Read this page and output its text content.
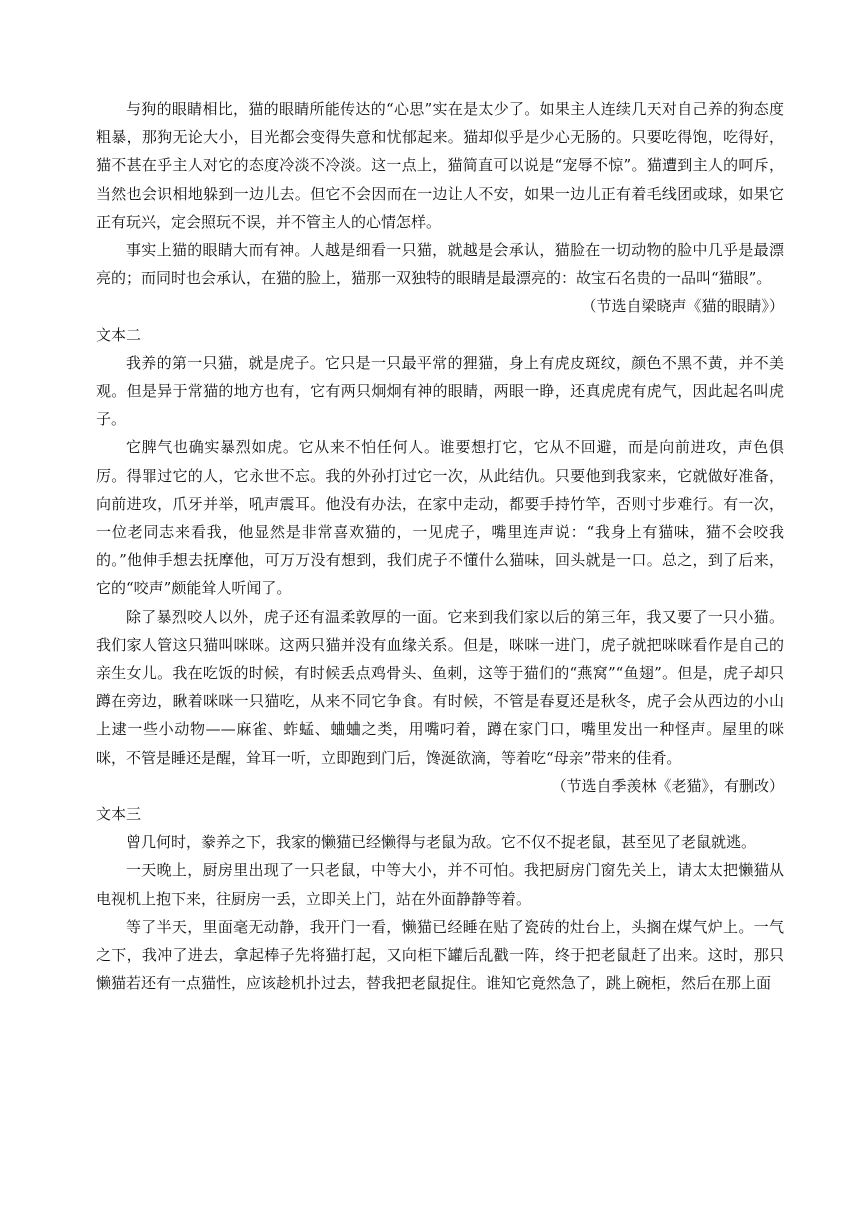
与狗的眼睛相比，猫的眼睛所能传达的“心思”实在是太少了。如果主人连续几天对自己养的狗态度粗暴，那狗无论大小，目光都会变得失意和忧郁起来。猫却似乎是少心无肠的。只要吃得饱，吃得好，猫不甚在乎主人对它的态度冷淡不冷淡。这一点上，猫简直可以说是“宠辱不惊”。猫遭到主人的呵斥，当然也会识相地躲到一边儿去。但它不会因而在一边让人不安，如果一边儿正有着毛线团或球，如果它正有玩兴，定会照玩不误，并不管主人的心情怎样。

事实上猫的眼睛大而有神。人越是细看一只猫，就越是会承认，猫脸在一切动物的脸中几乎是最漂亮的；而同时也会承认，在猫的脸上，猫那一双独特的眼睛是最漂亮的：故宝石名贵的一品叫“猫眼”。

（节选自梁晓声《猫的眼睛》）

文本二

我养的第一只猫，就是虎子。它只是一只最平常的狸猫，身上有虎皮斑纹，颜色不黑不黄，并不美观。但是异于常猫的地方也有，它有两只炯炯有神的眼睛，两眼一睁，还真虎虎有虎气，因此起名叫虎子。

它脾气也确实暴烈如虎。它从来不怕任何人。谁要想打它，它从不回避，而是向前进攻，声色俱厉。得罪过它的人，它永世不忘。我的外孙打过它一次，从此结仇。只要他到我家来，它就做好准备，向前进攻，爪牙并举，吼声震耳。他没有办法，在家中走动，都要手持竹竿，否则寸步难行。有一次，一位老同志来看我，他显然是非常喜欢猫的，一见虎子，嘴里连声说：“我身上有猫味，猫不会咬我的。”他伸手想去抚摩他，可万万没有想到，我们虎子不懂什么猫味，回头就是一口。总之，到了后来，它的“咬声”颇能耸人听闻了。

除了暴烈咬人以外，虎子还有温柔敦厚的一面。它来到我们家以后的第三年，我又要了一只小猫。我们家人管这只猫叫咪咪。这两只猫并没有血缘关系。但是，咪咪一进门，虎子就把咪咪看作是自己的亲生女儿。我在吃饭的时候，有时候丢点鸡骨头、鱼刺，这等于猫们的“燕窝”“鱼翅”。但是，虎子却只蹲在旁边，瞅着咪咪一只猫吃，从来不同它争食。有时候，不管是春夏还是秋冬，虎子会从西边的小山上逮一些小动物——麻雀、蚱蜢、蛐蛐之类，用嘴叼着，蹲在家门口，嘴里发出一种怪声。屋里的咪咪，不管是睡还是醒，耸耳一听，立即跑到门后，馋涎欲滴，等着吃“母亲”带来的佳肴。

（节选自季羡林《老猫》，有删改）

文本三

曾几何时，豢养之下，我家的懒猫已经懒得与老鼠为敌。它不仅不捉老鼠，甚至见了老鼠就逃。

一天晚上，厨房里出现了一只老鼠，中等大小，并不可怕。我把厨房门窗先关上，请太太把懒猫从电视机上抱下来，往厨房一丢，立即关上门，站在外面静静等着。

等了半天，里面毫无动静，我开门一看，懒猫已经睡在贴了瓷砖的灶台上，头搁在煤气炉上。一气之下，我冲了进去，拿起棒子先将猫打起，又向柜下罐后乱戳一阵，终于把老鼠赶了出来。这时，那只懒猫若还有一点猫性，应该趁机扑过去，替我把老鼠捉住。谁知它竟然急了，跳上碗柜，然后在那上面
